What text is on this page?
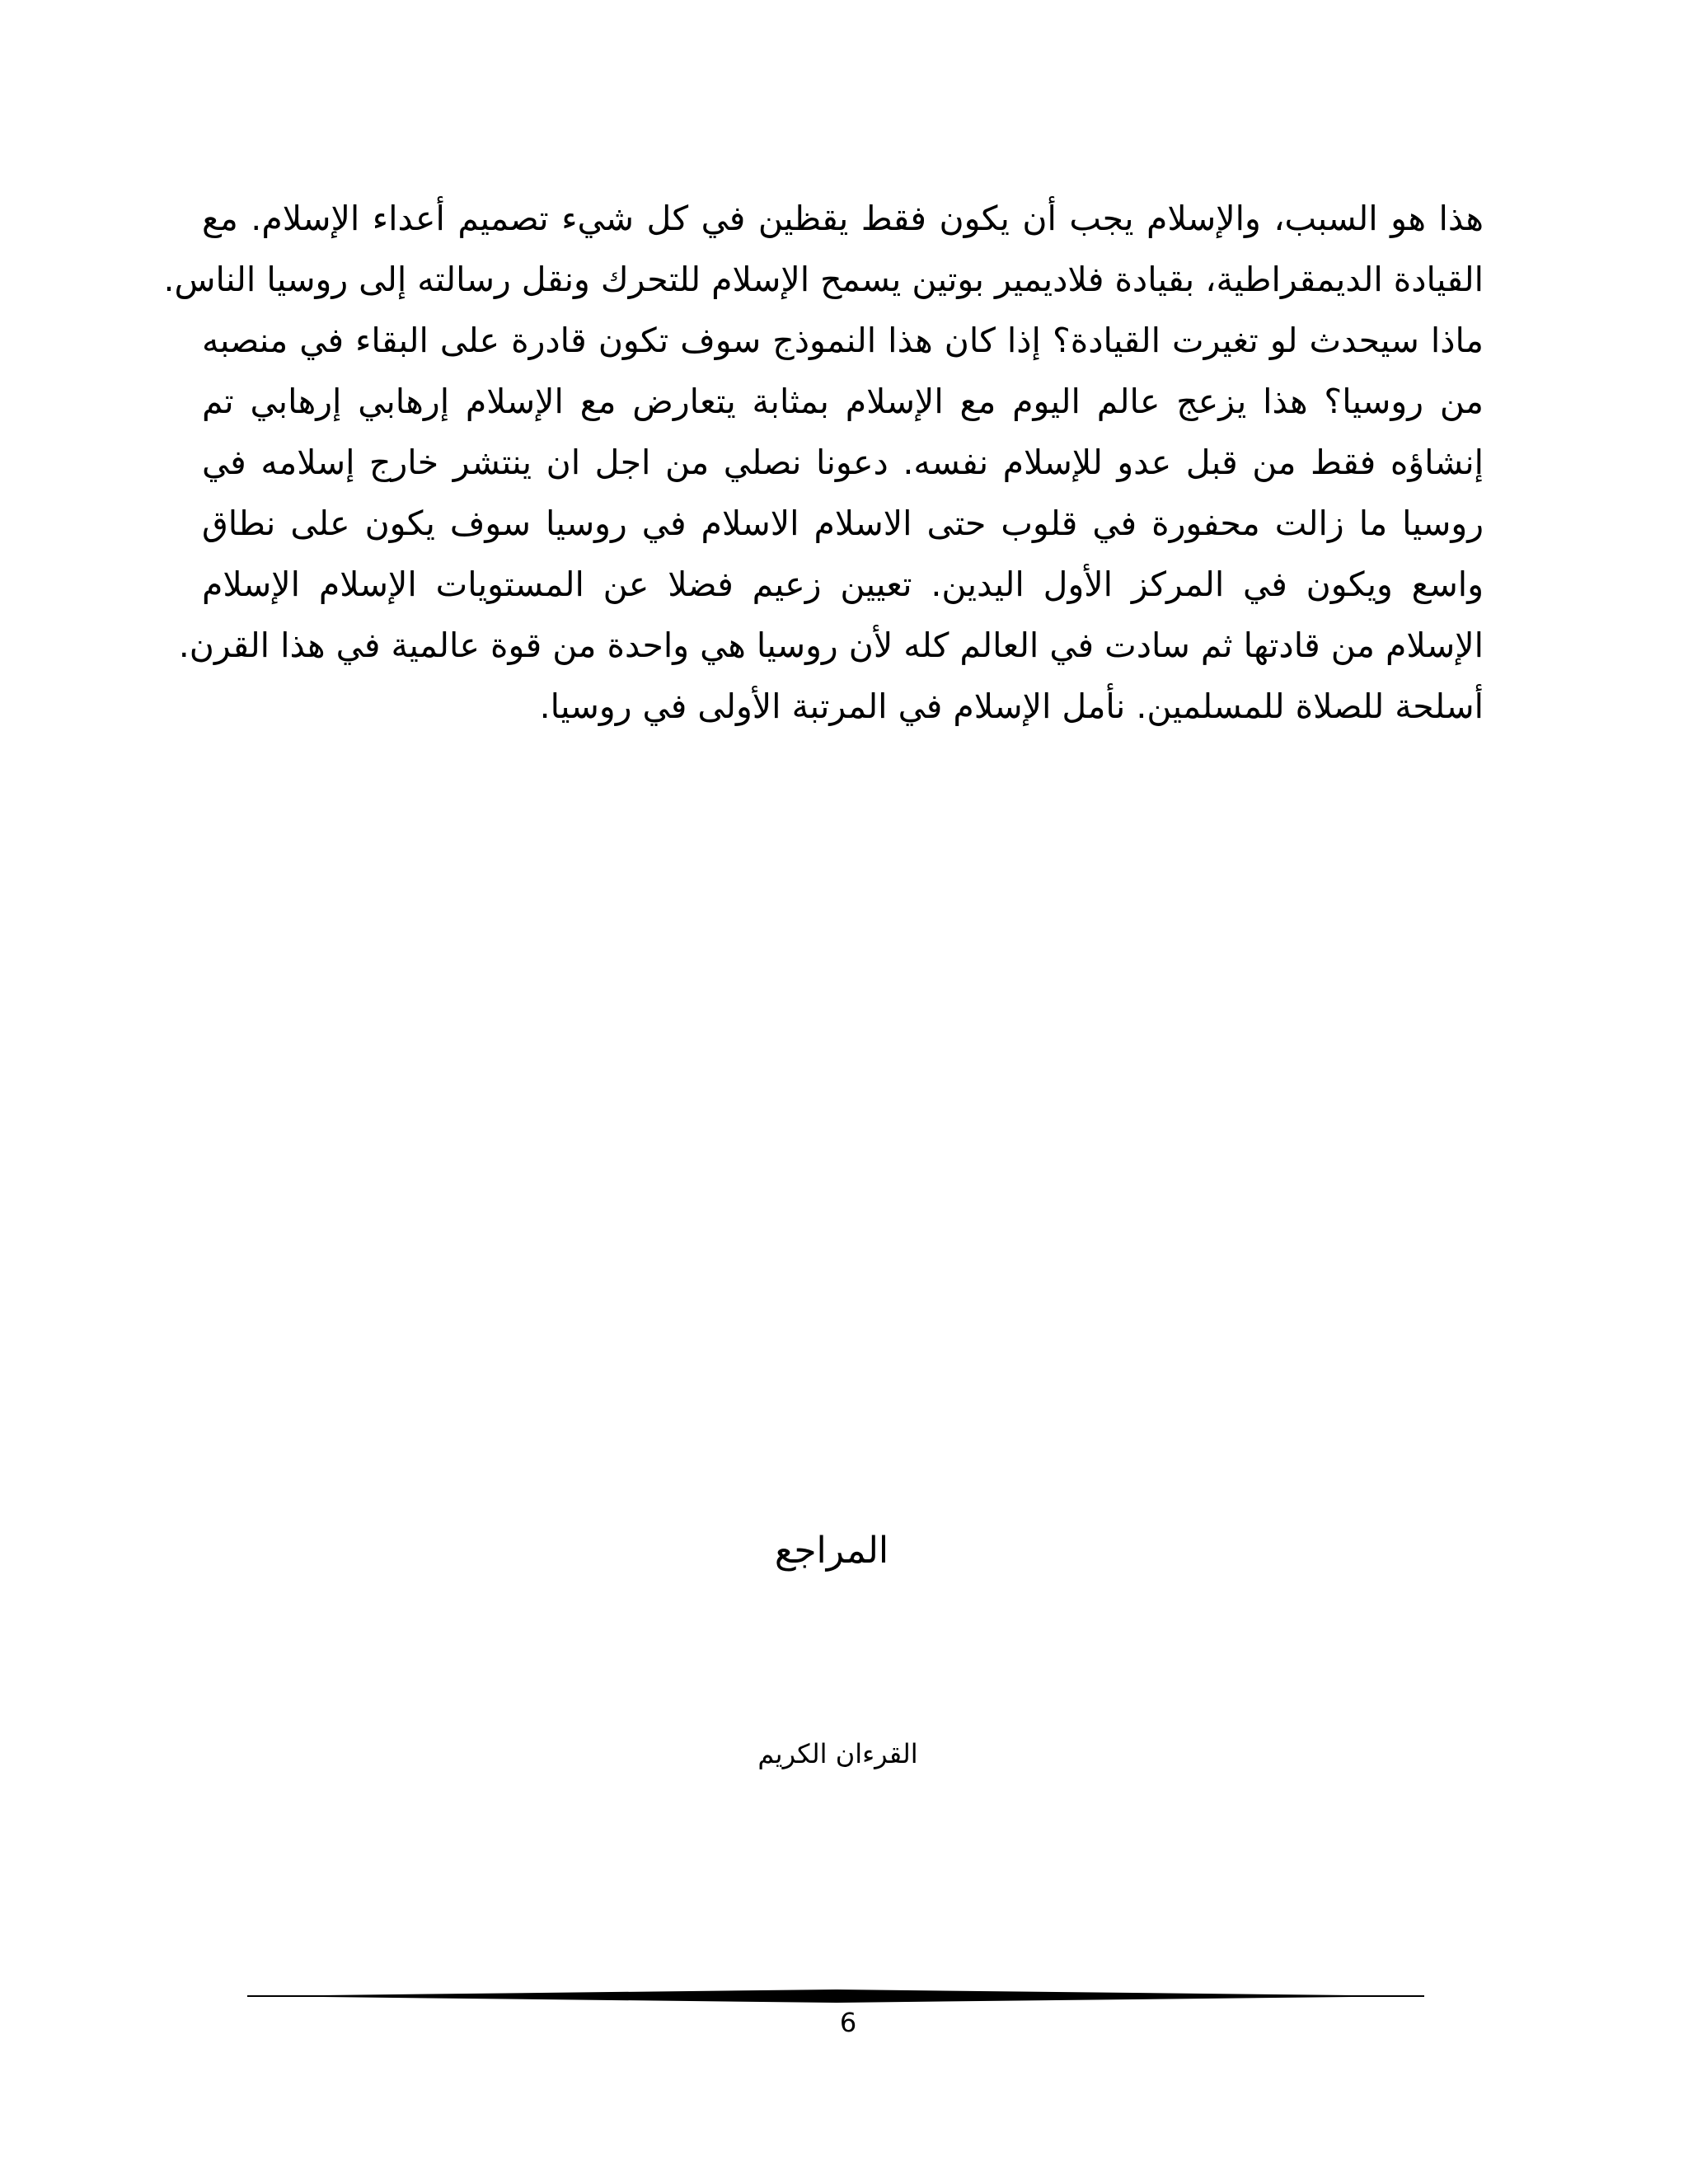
هذا هو السبب، والإسلام يجب أن يكون فقط يقظين في كل شيء تصميم أعداء الإسلام. مع
القيادة الديمقراطية، بقيادة فلاديمير بوتين يسمح الإسلام للتحرك ونقل رسالته إلى روسيا الناس.
ماذا سيحدث لو تغيرت القيادة؟ إذا كان هذا النموذج سوف تكون قادرة على البقاء في منصبه
من روسيا؟ هذا يزعج عالم اليوم مع الإسلام بمثابة يتعارض مع الإسلام إرهابي إرهابي تم
إنشاؤه فقط من قبل عدو للإسلام نفسه. دعونا نصلي من اجل ان ينتشر خارج إسلامه في
روسيا ما زالت محفورة في قلوب حتى الاسلام الاسلام في روسيا سوف يكون على نطاق
واسع ويكون في المركز الأول اليدين. تعيين زعيم فضلا عن المستويات الإسلام الإسلام
الإسلام من قادتها ثم سادت في العالم كله لأن روسيا هي واحدة من قوة عالمية في هذا القرن.
أسلحة للصلاة للمسلمين. نأمل الإسلام في المرتبة الأولى في روسيا.
المراجع
القرءان الكريم
6
